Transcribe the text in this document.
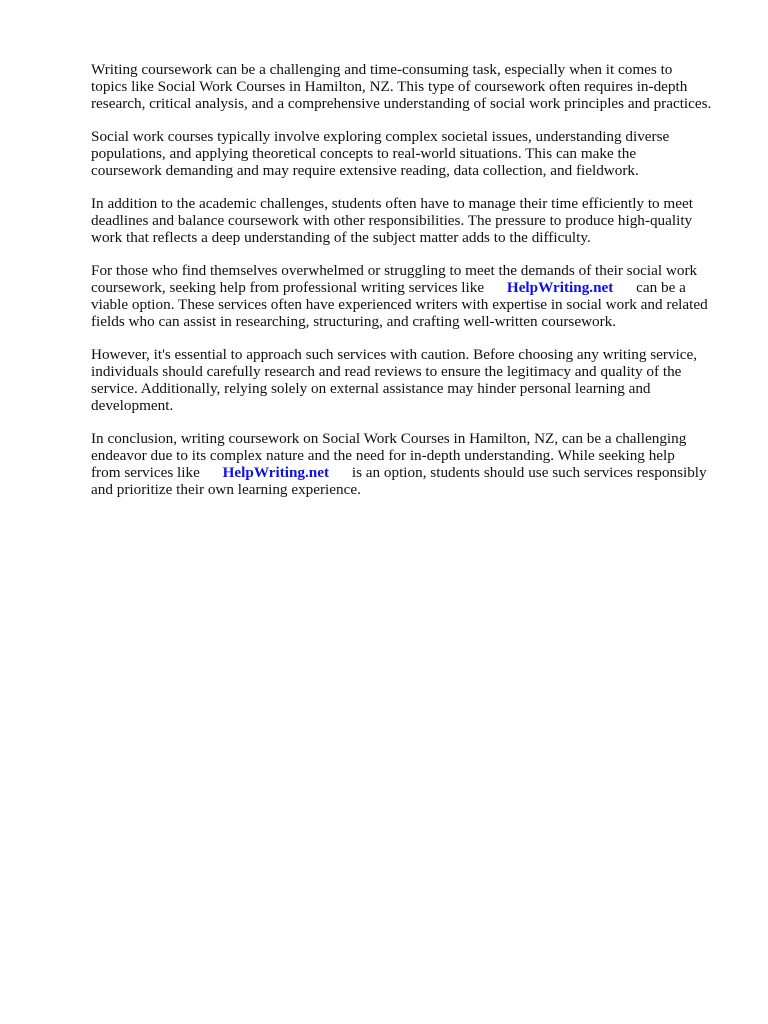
Writing coursework can be a challenging and time-consuming task, especially when it comes to
topics like Social Work Courses in Hamilton, NZ. This type of coursework often requires in-depth
research, critical analysis, and a comprehensive understanding of social work principles and practices.
Social work courses typically involve exploring complex societal issues, understanding diverse
populations, and applying theoretical concepts to real-world situations. This can make the
coursework demanding and may require extensive reading, data collection, and fieldwork.
In addition to the academic challenges, students often have to manage their time efficiently to meet
deadlines and balance coursework with other responsibilities. The pressure to produce high-quality
work that reflects a deep understanding of the subject matter adds to the difficulty.
For those who find themselves overwhelmed or struggling to meet the demands of their social work
coursework, seeking help from professional writing services like HelpWriting.net can be a
viable option. These services often have experienced writers with expertise in social work and related
fields who can assist in researching, structuring, and crafting well-written coursework.
However, it's essential to approach such services with caution. Before choosing any writing service,
individuals should carefully research and read reviews to ensure the legitimacy and quality of the
service. Additionally, relying solely on external assistance may hinder personal learning and
development.
In conclusion, writing coursework on Social Work Courses in Hamilton, NZ, can be a challenging
endeavor due to its complex nature and the need for in-depth understanding. While seeking help
from services like HelpWriting.net is an option, students should use such services responsibly
and prioritize their own learning experience.
